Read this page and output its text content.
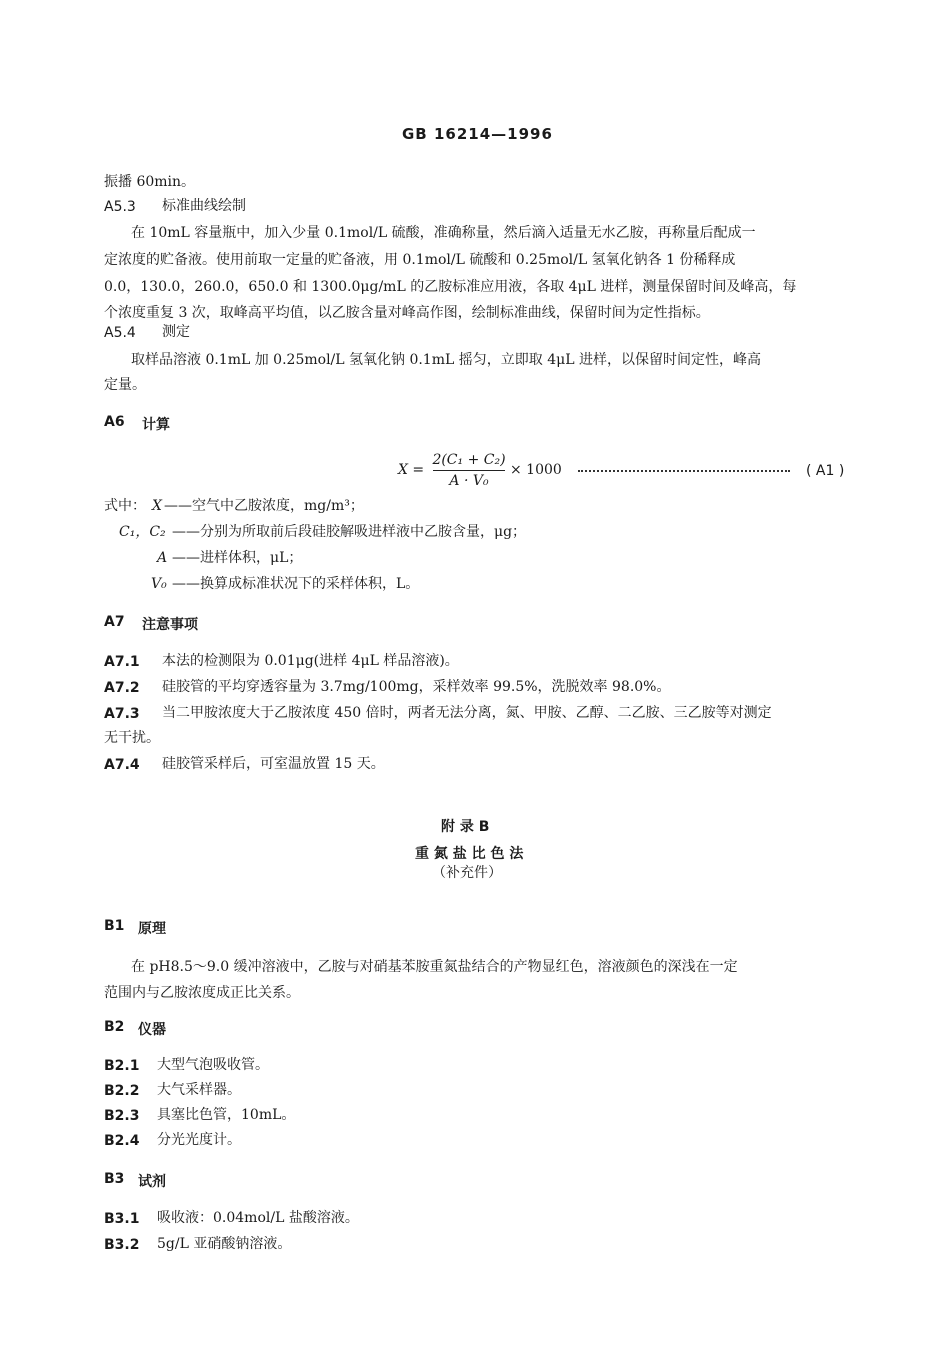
GB 16214—1996
振播 60min。
A5.3 标准曲线绘制
在 10mL 容量瓶中，加入少量 0.1mol/L 硫酸，准确称量，然后滴入适量无水乙胺，再称量后配成一
定浓度的贮备液。使用前取一定量的贮备液，用 0.1mol/L 硫酸和 0.25mol/L 氢氧化钠各 1 份稀释成
0.0，130.0，260.0，650.0 和 1300.0μg/mL 的乙胺标准应用液，各取 4μL 进样，测量保留时间及峰高，每
个浓度重复 3 次，取峰高平均值，以乙胺含量对峰高作图，绘制标准曲线，保留时间为定性指标。
A5.4 测定
取样品溶液 0.1mL 加 0.25mol/L 氢氧化钠 0.1mL 摇匀，立即取 4μL 进样，以保留时间定性，峰高
定量。
A6 计算
X =
2(C₁ + C₂)
A · V₀
× 1000	( A1 )
式中： X ——空气中乙胺浓度，mg/m³；
C₁，C₂ ——分别为所取前后段硅胶解吸进样液中乙胺含量，μg；
A ——进样体积，μL；
V₀ ——换算成标准状况下的采样体积，L。
A7 注意事项
A7.1 本法的检测限为 0.01μg(进样 4μL 样品溶液)。
A7.2 硅胶管的平均穿透容量为 3.7mg/100mg，采样效率 99.5%，洗脱效率 98.0%。
A7.3 当二甲胺浓度大于乙胺浓度 450 倍时，两者无法分离，氮、甲胺、乙醇、二乙胺、三乙胺等对测定
无干扰。
A7.4 硅胶管采样后，可室温放置 15 天。
附 录 B
重 氮 盐 比 色 法
（补充件）
B1 原理
在 pH8.5～9.0 缓冲溶液中，乙胺与对硝基苯胺重氮盐结合的产物显红色，溶液颜色的深浅在一定
范围内与乙胺浓度成正比关系。
B2 仪器
B2.1 大型气泡吸收管。
B2.2 大气采样器。
B2.3 具塞比色管，10mL。
B2.4 分光光度计。
B3 试剂
B3.1 吸收液：0.04mol/L 盐酸溶液。
B3.2 5g/L 亚硝酸钠溶液。
